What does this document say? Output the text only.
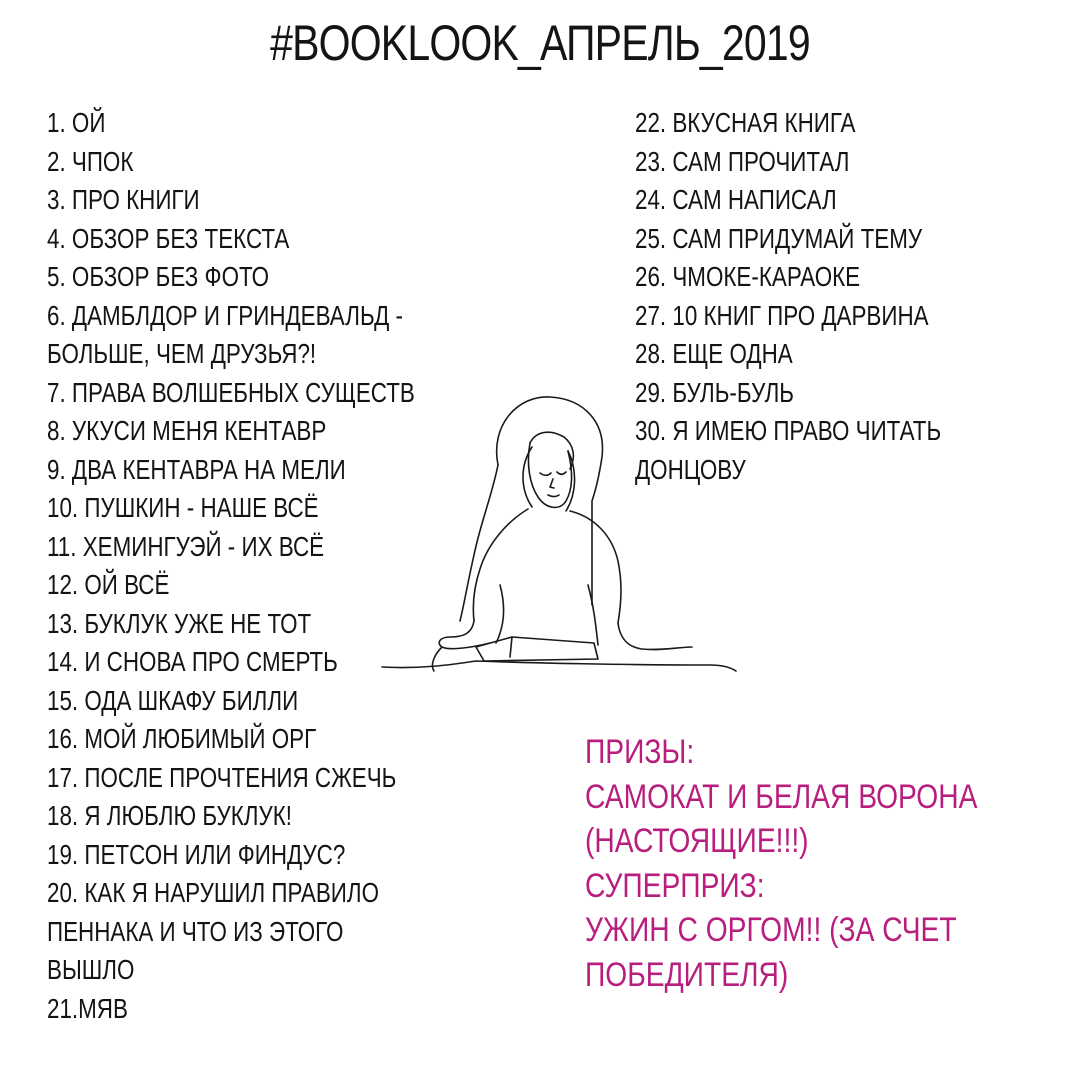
#BOOKLOOK_АПРЕЛЬ_2019
1. ОЙ
2. ЧПОК
3. ПРО КНИГИ
4. ОБЗОР БЕЗ ТЕКСТА
5. ОБЗОР БЕЗ ФОТО
6. ДАМБЛДОР И ГРИНДЕВАЛЬД -
БОЛЬШЕ, ЧЕМ ДРУЗЬЯ?!
7. ПРАВА ВОЛШЕБНЫХ СУЩЕСТВ
8. УКУСИ МЕНЯ КЕНТАВР
9. ДВА КЕНТАВРА НА МЕЛИ
10. ПУШКИН - НАШЕ ВСЁ
11. ХЕМИНГУЭЙ - ИХ ВСЁ
12. ОЙ ВСЁ
13. БУКЛУК УЖЕ НЕ ТОТ
14. И СНОВА ПРО СМЕРТЬ
15. ОДА ШКАФУ БИЛЛИ
16. МОЙ ЛЮБИМЫЙ ОРГ
17. ПОСЛЕ ПРОЧТЕНИЯ СЖЕЧЬ
18. Я ЛЮБЛЮ БУКЛУК!
19. ПЕТСОН ИЛИ ФИНДУС?
20. КАК Я НАРУШИЛ ПРАВИЛО
ПЕННАКА И ЧТО ИЗ ЭТОГО
ВЫШЛО
21.МЯВ
22. ВКУСНАЯ КНИГА
23. САМ ПРОЧИТАЛ
24. САМ НАПИСАЛ
25. САМ ПРИДУМАЙ ТЕМУ
26. ЧМОКЕ-КАРАОКЕ
27. 10 КНИГ ПРО ДАРВИНА
28. ЕЩЕ ОДНА
29. БУЛЬ-БУЛЬ
30. Я ИМЕЮ ПРАВО ЧИТАТЬ
ДОНЦОВУ
ПРИЗЫ:
САМОКАТ И БЕЛАЯ ВОРОНА
(НАСТОЯЩИЕ!!!)
СУПЕРПРИЗ:
УЖИН С ОРГОМ!! (ЗА СЧЕТ
ПОБЕДИТЕЛЯ)
